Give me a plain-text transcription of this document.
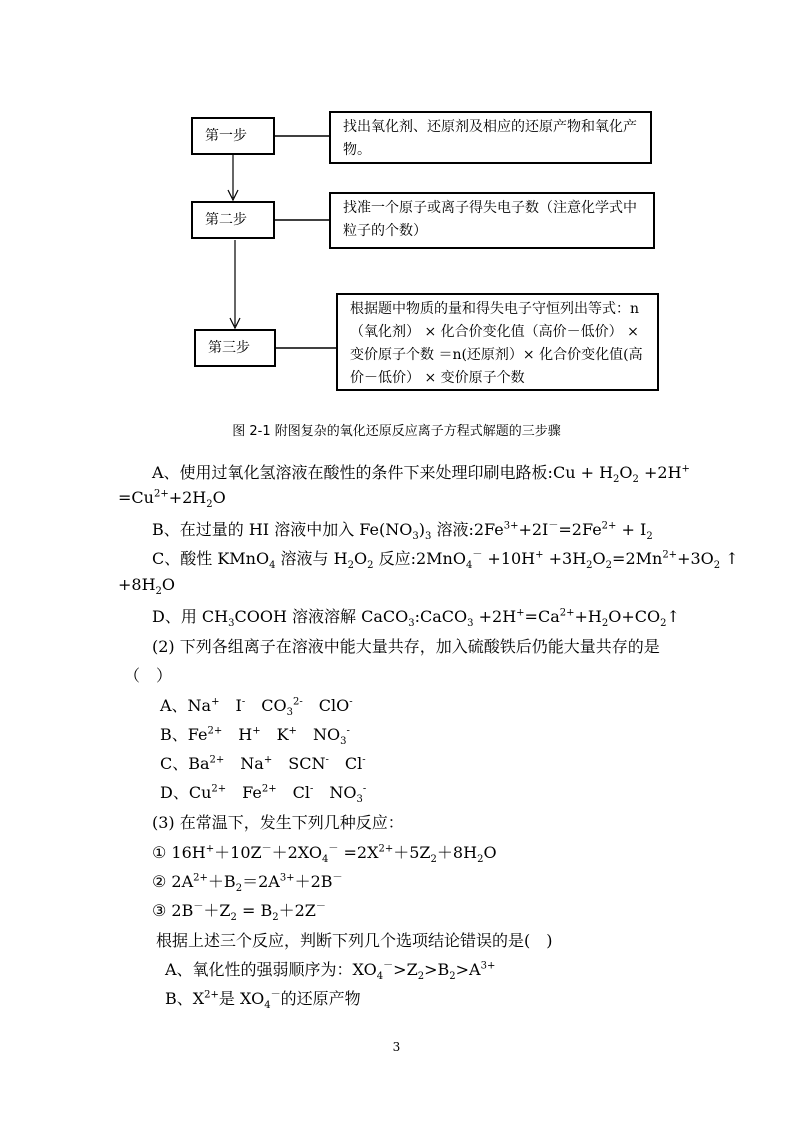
第一步
找出氧化剂、还原剂及相应的还原产物和氧化产物。
第二步
找准一个原子或离子得失电子数（注意化学式中粒子的个数）
第三步
根据题中物质的量和得失电子守恒列出等式：n（氧化剂） × 化合价变化值（高价－低价） × 变价原子个数 ＝n(还原剂）× 化合价变化值(高价－低价） × 变价原子个数
图 2-1 附图复杂的氧化还原反应离子方程式解题的三步骤
A、使用过氧化氢溶液在酸性的条件下来处理印刷电路板:Cu + $H_2O_2 +2H^+$
$=Cu^{2+}+2H_2O$
B、在过量的 HI 溶液中加入 $Fe(NO_3)_3$ 溶液$:2Fe^{3+}+2I^-=2Fe^{2+} + I_2$
C、酸性 KMnO$_4$ 溶液与 $H_2O_2$ 反应:2MnO$_4$－ $+10H^+ +3H_2O_2=2Mn^{2+}+3O_2$ ↑
$+8H_2O$
D、用 $CH_3COOH$ 溶液溶解 CaCO$_3$:CaCO$_3$ $+2H^+=Ca^{2+}+H_2O+CO_2↑$
(2) 下列各组离子在溶液中能大量共存，加入硫酸铁后仍能大量共存的是
（　）
A、Na+　I-　$CO_3^{2-}$　ClO-
B、$Fe^{2+}$　H+　K+　$NO_3^-$
C、$Ba^{2+}$　Na+　SCN-　Cl-
D、$Cu^{2+}$　$Fe^{2+}$　Cl-　$NO_3^-$
(3) 在常温下，发生下列几种反应：
① $16H^++10Z^-+2XO_4^- =2X^{2+}+5Z_2+8H_2O$
② $2A^{2+}+B_2=2A^{3+}+2B^-$
③ $2B^-+Z_2 = B_2+2Z^-$
根据上述三个反应，判断下列几个选项结论错误的是(　)
A、氧化性的强弱顺序为：$XO_4^->Z_2>B_2>A^{3+}$
B、$X^{2+}$是 $XO_4^-$的还原产物
3
